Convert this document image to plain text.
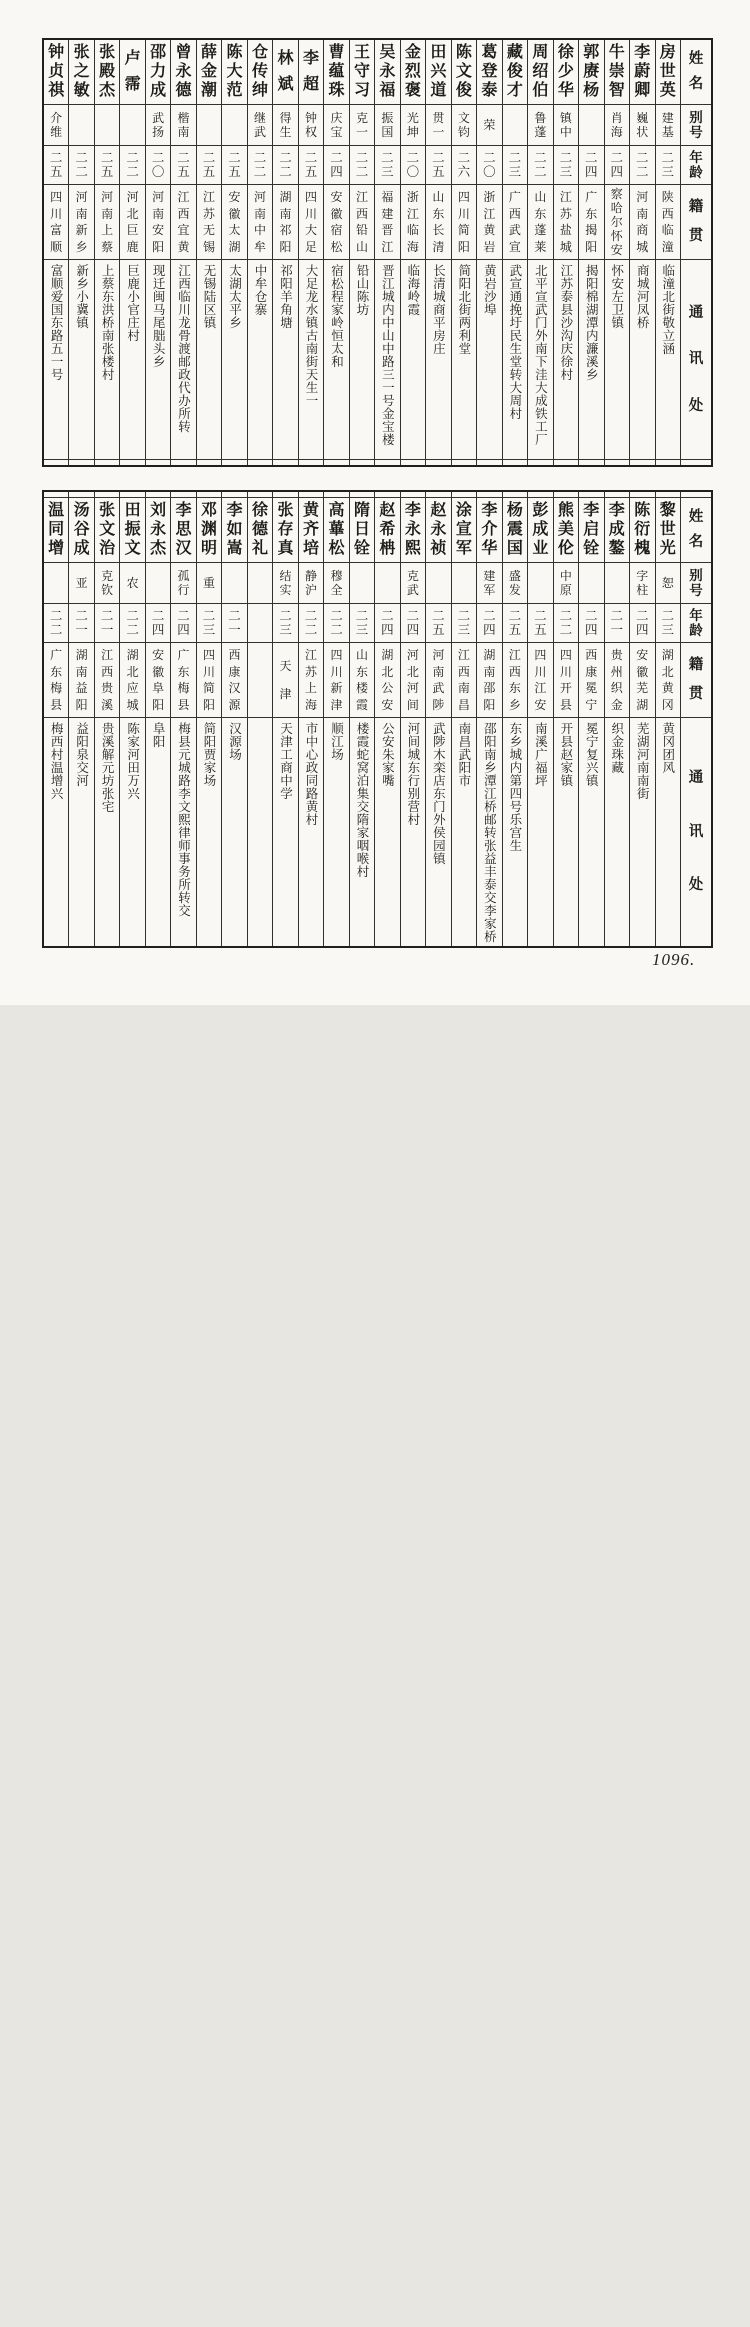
姓
名
别
号
年
龄
籍
贯
通
讯
处
房
世
英
建
基
二
三
陕
西
临
潼
临潼北街敬立涵
李
蔚
卿
巍
状
二
二
河
南
商
城
商城河凤桥
牛
崇
智
肖
海
二
四
察
哈
尔
怀
安
怀安左卫镇
郭
赓
杨
二
四
广
东
揭
阳
揭阳棉湖潭内濂溪乡
徐
少
华
镇
中
二
三
江
苏
盐
城
江苏泰县沙沟庆徐村
周
绍
伯
鲁
蓬
二
二
山
东
蓬
莱
北平宣武门外南下洼大成铁工厂
藏
俊
才
二
三
广
西
武
宣
武宣通挽圩民生堂转大周村
葛
登
泰
荣
二
〇
浙
江
黄
岩
黄岩沙埠
陈
文
俊
文
钧
二
六
四
川
简
阳
简阳北街两利堂
田
兴
道
贯
一
二
五
山
东
长
清
长清城商平房庄
金
烈
褒
光
坤
二
〇
浙
江
临
海
临海岭霞
吴
永
福
振
国
二
三
福
建
晋
江
晋江城内中山中路三一号金宝楼
王
守
习
克
一
二
二
江
西
铅
山
铅山陈坊
曹
蕴
珠
庆
宝
二
四
安
徽
宿
松
宿松程家岭恒太和
李
超
钟
权
二
五
四
川
大
足
大足龙水镇古南街天生一
林
斌
得
生
二
二
湖
南
祁
阳
祁阳羊角塘
仓
传
绅
继
武
二
二
河
南
中
牟
中牟仓寨
陈
大
范
二
五
安
徽
太
湖
太湖太平乡
薛
金
潮
二
五
江
苏
无
锡
无锡陆区镇
曾
永
德
楷
南
二
五
江
西
宜
黄
江西临川龙骨渡邮政代办所转
邵
力
成
武
扬
二
〇
河
南
安
阳
现迁闽马尾朏头乡
卢
霈
二
二
河
北
巨
鹿
巨鹿小官庄村
张
殿
杰
二
五
河
南
上
蔡
上蔡东洪桥南张楼村
张
之
敏
二
二
河
南
新
乡
新乡小冀镇
钟
贞
祺
介
维
二
五
四
川
富
顺
富顺爱国东路五一号
姓
名
别
号
年
龄
籍
贯
通
讯
处
黎
世
光
恕
二
三
湖
北
黄
冈
黄冈团风
陈
衍
槐
字
柱
二
四
安
徽
芜
湖
芜湖河南南街
李
成
鏊
二
一
贵
州
织
金
织金珠藏
李
启
铨
二
四
西
康
冕
宁
冕宁复兴镇
熊
美
伦
中
原
二
二
四
川
开
县
开县赵家镇
彭
成
业
二
五
四
川
江
安
南溪广福坪
杨
震
国
盛
发
二
五
江
西
东
乡
东乡城内第四号乐宫生
李
介
华
建
军
二
四
湖
南
邵
阳
邵阳南乡潭江桥邮转张益丰泰交李家桥
涂
宣
军
二
三
江
西
南
昌
南昌武阳市
赵
永
祯
二
五
河
南
武
陟
武陟木栾店东门外侯园镇
李
永
熙
克
武
二
四
河
北
河
间
河间城东行别营村
赵
希
柟
二
四
湖
北
公
安
公安朱家嘴
隋
日
铨
二
三
山
东
楼
霞
楼霞蛇窝泊集交隋家咽喉村
高
蓽
松
穆
全
二
二
四
川
新
津
顺江场
黄
齐
培
静
沪
二
二
江
苏
上
海
市中心政同路黄村
张
存
真
结
实
二
三
天
津
天津工商中学
徐
德
礼
李
如
嵩
二
一
西
康
汉
源
汉源场
邓
渊
明
重
二
三
四
川
简
阳
简阳贾家场
李
思
汉
孤
行
二
四
广
东
梅
县
梅县元城路李文熙律师事务所转交
刘
永
杰
二
四
安
徽
阜
阳
阜阳
田
振
文
农
二
二
湖
北
应
城
陈家河田万兴
张
文
治
克
钦
二
一
江
西
贵
溪
贵溪解元坊张宅
汤
谷
成
亚
二
一
湖
南
益
阳
益阳泉交河
温
同
增
二
二
广
东
梅
县
梅西村温增兴
1096.
